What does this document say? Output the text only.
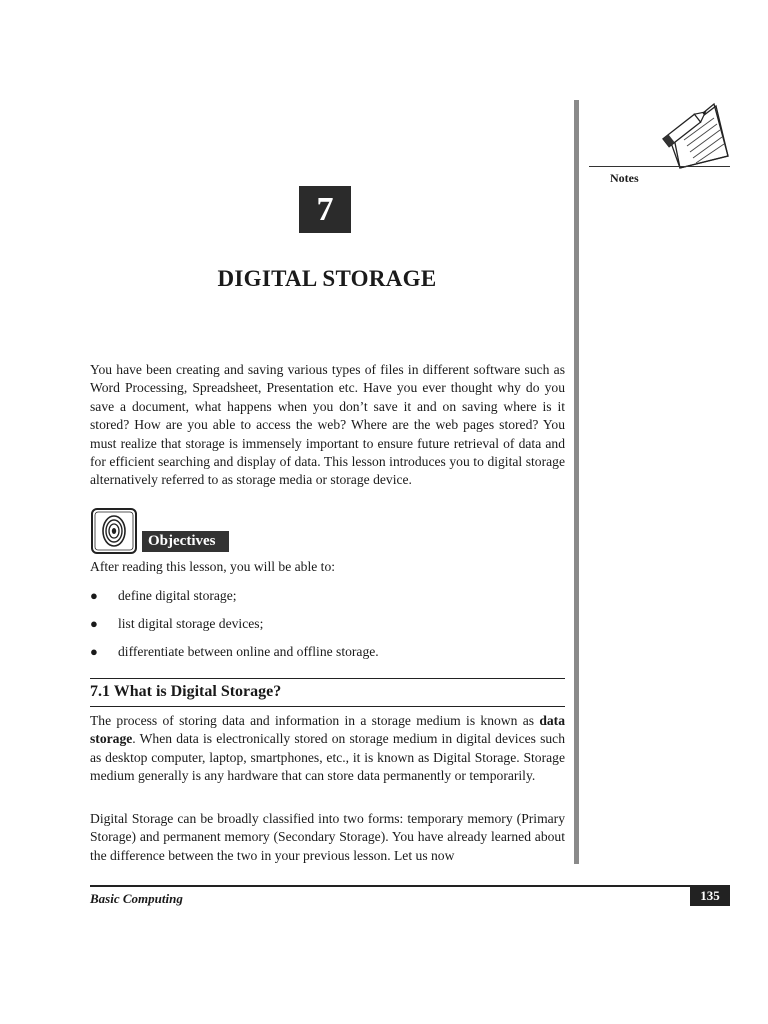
Notes
7
DIGITAL STORAGE
You have been creating and saving various types of files in different software such as Word Processing, Spreadsheet, Presentation etc. Have you ever thought why do you save a document, what happens when you don’t save it and on saving where is it stored? How are you able to access the web? Where are the web pages stored? You must realize that storage is immensely important to ensure future retrieval of data and for efficient searching and display of data. This lesson introduces you to digital storage alternatively referred to as storage media or storage device.
Objectives
After reading this lesson, you will be able to:
● define digital storage;
● list digital storage devices;
● differentiate between online and offline storage.
7.1 What is Digital Storage?
The process of storing data and information in a storage medium is known as data storage. When data is electronically stored on storage medium in digital devices such as desktop computer, laptop, smartphones, etc., it is known as Digital Storage. Storage medium generally is any hardware that can store data permanently or temporarily.
Digital Storage can be broadly classified into two forms: temporary memory (Primary Storage) and permanent memory (Secondary Storage). You have already learned about the difference between the two in your previous lesson. Let us now
Basic Computing	135
